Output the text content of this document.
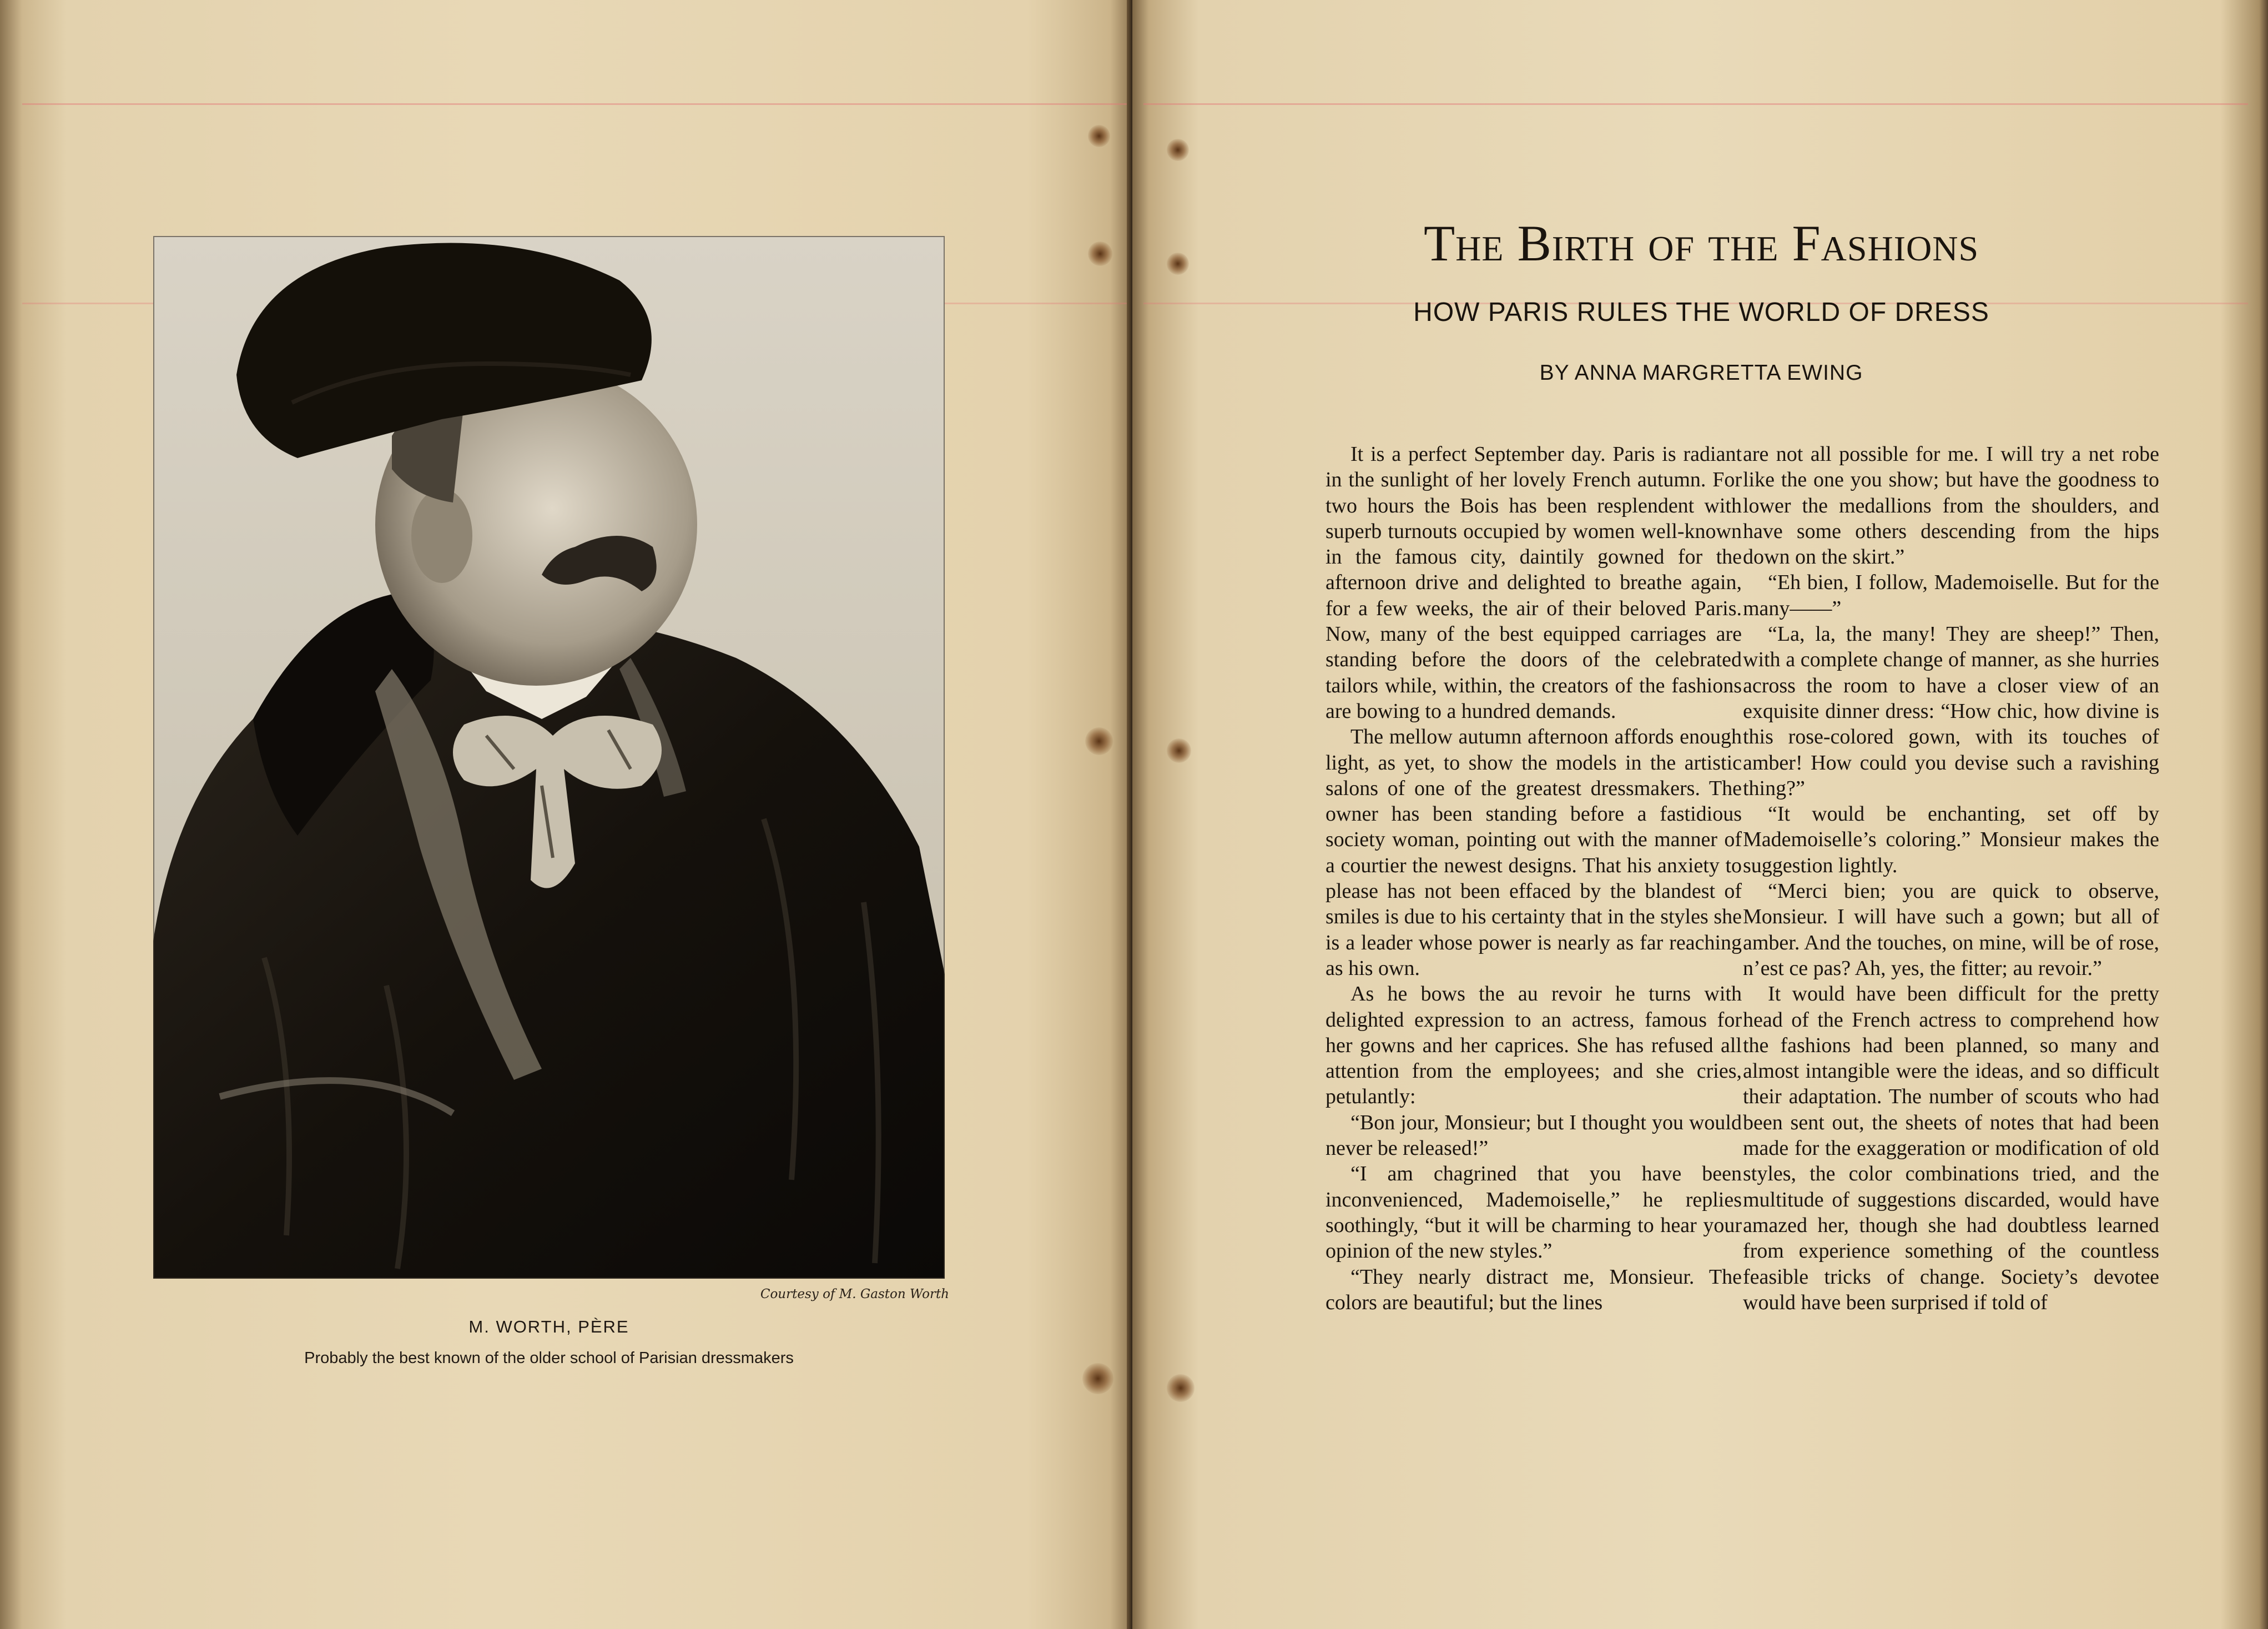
Courtesy of M. Gaston Worth
M. WORTH, PÈRE
Probably the best known of the older school of Parisian dressmakers
The Birth of the Fashions
HOW PARIS RULES THE WORLD OF DRESS
BY ANNA MARGRETTA EWING

It is a perfect September day. Paris is radiant in the sunlight of her lovely French autumn. For two hours the Bois has been resplendent with superb turnouts occupied by women well-known in the famous city, daintily gowned for the afternoon drive and delighted to breathe again, for a few weeks, the air of their beloved Paris. Now, many of the best equipped carriages are standing before the doors of the celebrated tailors while, within, the creators of the fashions are bowing to a hundred demands.

The mellow autumn afternoon affords enough light, as yet, to show the models in the artistic salons of one of the greatest dressmakers. The owner has been standing before a fastidious society woman, pointing out with the manner of a courtier the newest designs. That his anxiety to please has not been effaced by the blandest of smiles is due to his certainty that in the styles she is a leader whose power is nearly as far reaching as his own.

As he bows the au revoir he turns with delighted expression to an actress, famous for her gowns and her caprices. She has refused all attention from the employees; and she cries, petulantly:

“Bon jour, Monsieur; but I thought you would never be released!”

“I am chagrined that you have been inconvenienced, Mademoiselle,” he replies soothingly, “but it will be charming to hear your opinion of the new styles.”

“They nearly distract me, Monsieur. The colors are beautiful; but the lines

are not all possible for me. I will try a net robe like the one you show; but have the goodness to lower the medallions from the shoulders, and have some others descending from the hips down on the skirt.”

“Eh bien, I follow, Mademoiselle. But for the many——”

“La, la, the many! They are sheep!” Then, with a complete change of manner, as she hurries across the room to have a closer view of an exquisite dinner dress: “How chic, how divine is this rose-colored gown, with its touches of amber! How could you devise such a ravishing thing?”

“It would be enchanting, set off by Mademoiselle’s coloring.” Monsieur makes the suggestion lightly.

“Merci bien; you are quick to observe, Monsieur. I will have such a gown; but all of amber. And the touches, on mine, will be of rose, n’est ce pas? Ah, yes, the fitter; au revoir.”

It would have been difficult for the pretty head of the French actress to comprehend how the fashions had been planned, so many and almost intangible were the ideas, and so difficult their adaptation. The number of scouts who had been sent out, the sheets of notes that had been made for the exaggeration or modification of old styles, the color combinations tried, and the multitude of suggestions discarded, would have amazed her, though she had doubtless learned from experience something of the countless feasible tricks of change. Society’s devotee would have been surprised if told of
